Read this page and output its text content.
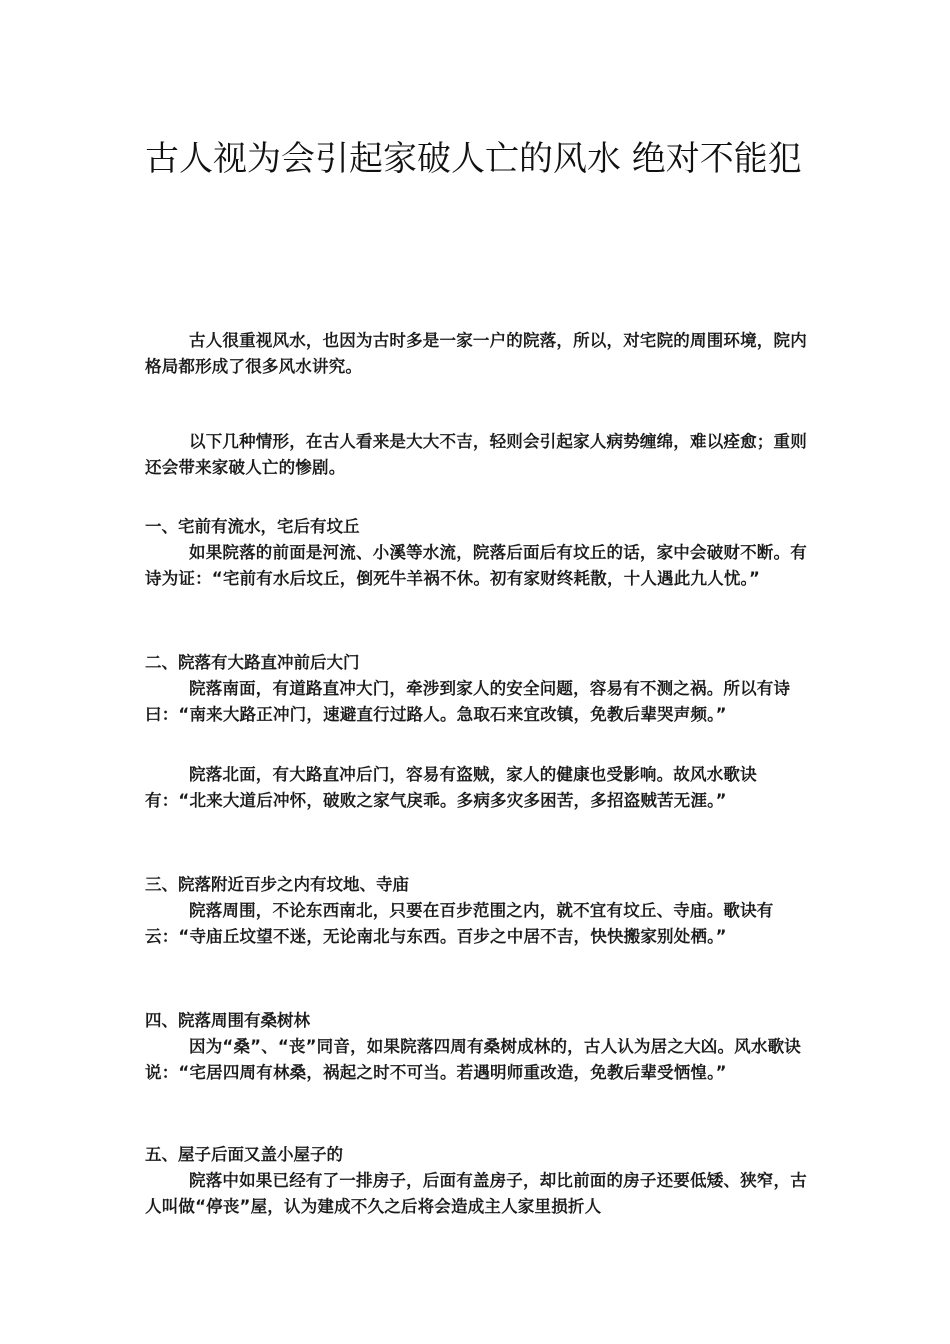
古人视为会引起家破人亡的风水 绝对不能犯

古人很重视风水，也因为古时多是一家一户的院落，所以，对宅院的周围环境，院内格局都形成了很多风水讲究。

以下几种情形，在古人看来是大大不吉，轻则会引起家人病势缠绵，难以痊愈；重则还会带来家破人亡的惨剧。

一、宅前有流水，宅后有坟丘

如果院落的前面是河流、小溪等水流，院落后面后有坟丘的话，家中会破财不断。有诗为证：“宅前有水后坟丘，倒死牛羊祸不休。初有家财终耗散，十人遇此九人忧。”

二、院落有大路直冲前后大门

院落南面，有道路直冲大门，牵涉到家人的安全问题，容易有不测之祸。所以有诗曰：“南来大路正冲门，速避直行过路人。急取石来宜改镇，免教后辈哭声频。”

院落北面，有大路直冲后门，容易有盗贼，家人的健康也受影响。故风水歌诀有：“北来大道后冲怀，破败之家气戾乖。多病多灾多困苦，多招盗贼苦无涯。”

三、院落附近百步之内有坟地、寺庙

院落周围，不论东西南北，只要在百步范围之内，就不宜有坟丘、寺庙。歌诀有云：“寺庙丘坟望不迷，无论南北与东西。百步之中居不吉，快快搬家别处栖。”

四、院落周围有桑树林

因为“桑”、“丧”同音，如果院落四周有桑树成林的，古人认为居之大凶。风水歌诀说：“宅居四周有林桑，祸起之时不可当。若遇明师重改造，免教后辈受恓惶。”

五、屋子后面又盖小屋子的

院落中如果已经有了一排房子，后面有盖房子，却比前面的房子还要低矮、狭窄，古人叫做“停丧”屋，认为建成不久之后将会造成主人家里损折人
